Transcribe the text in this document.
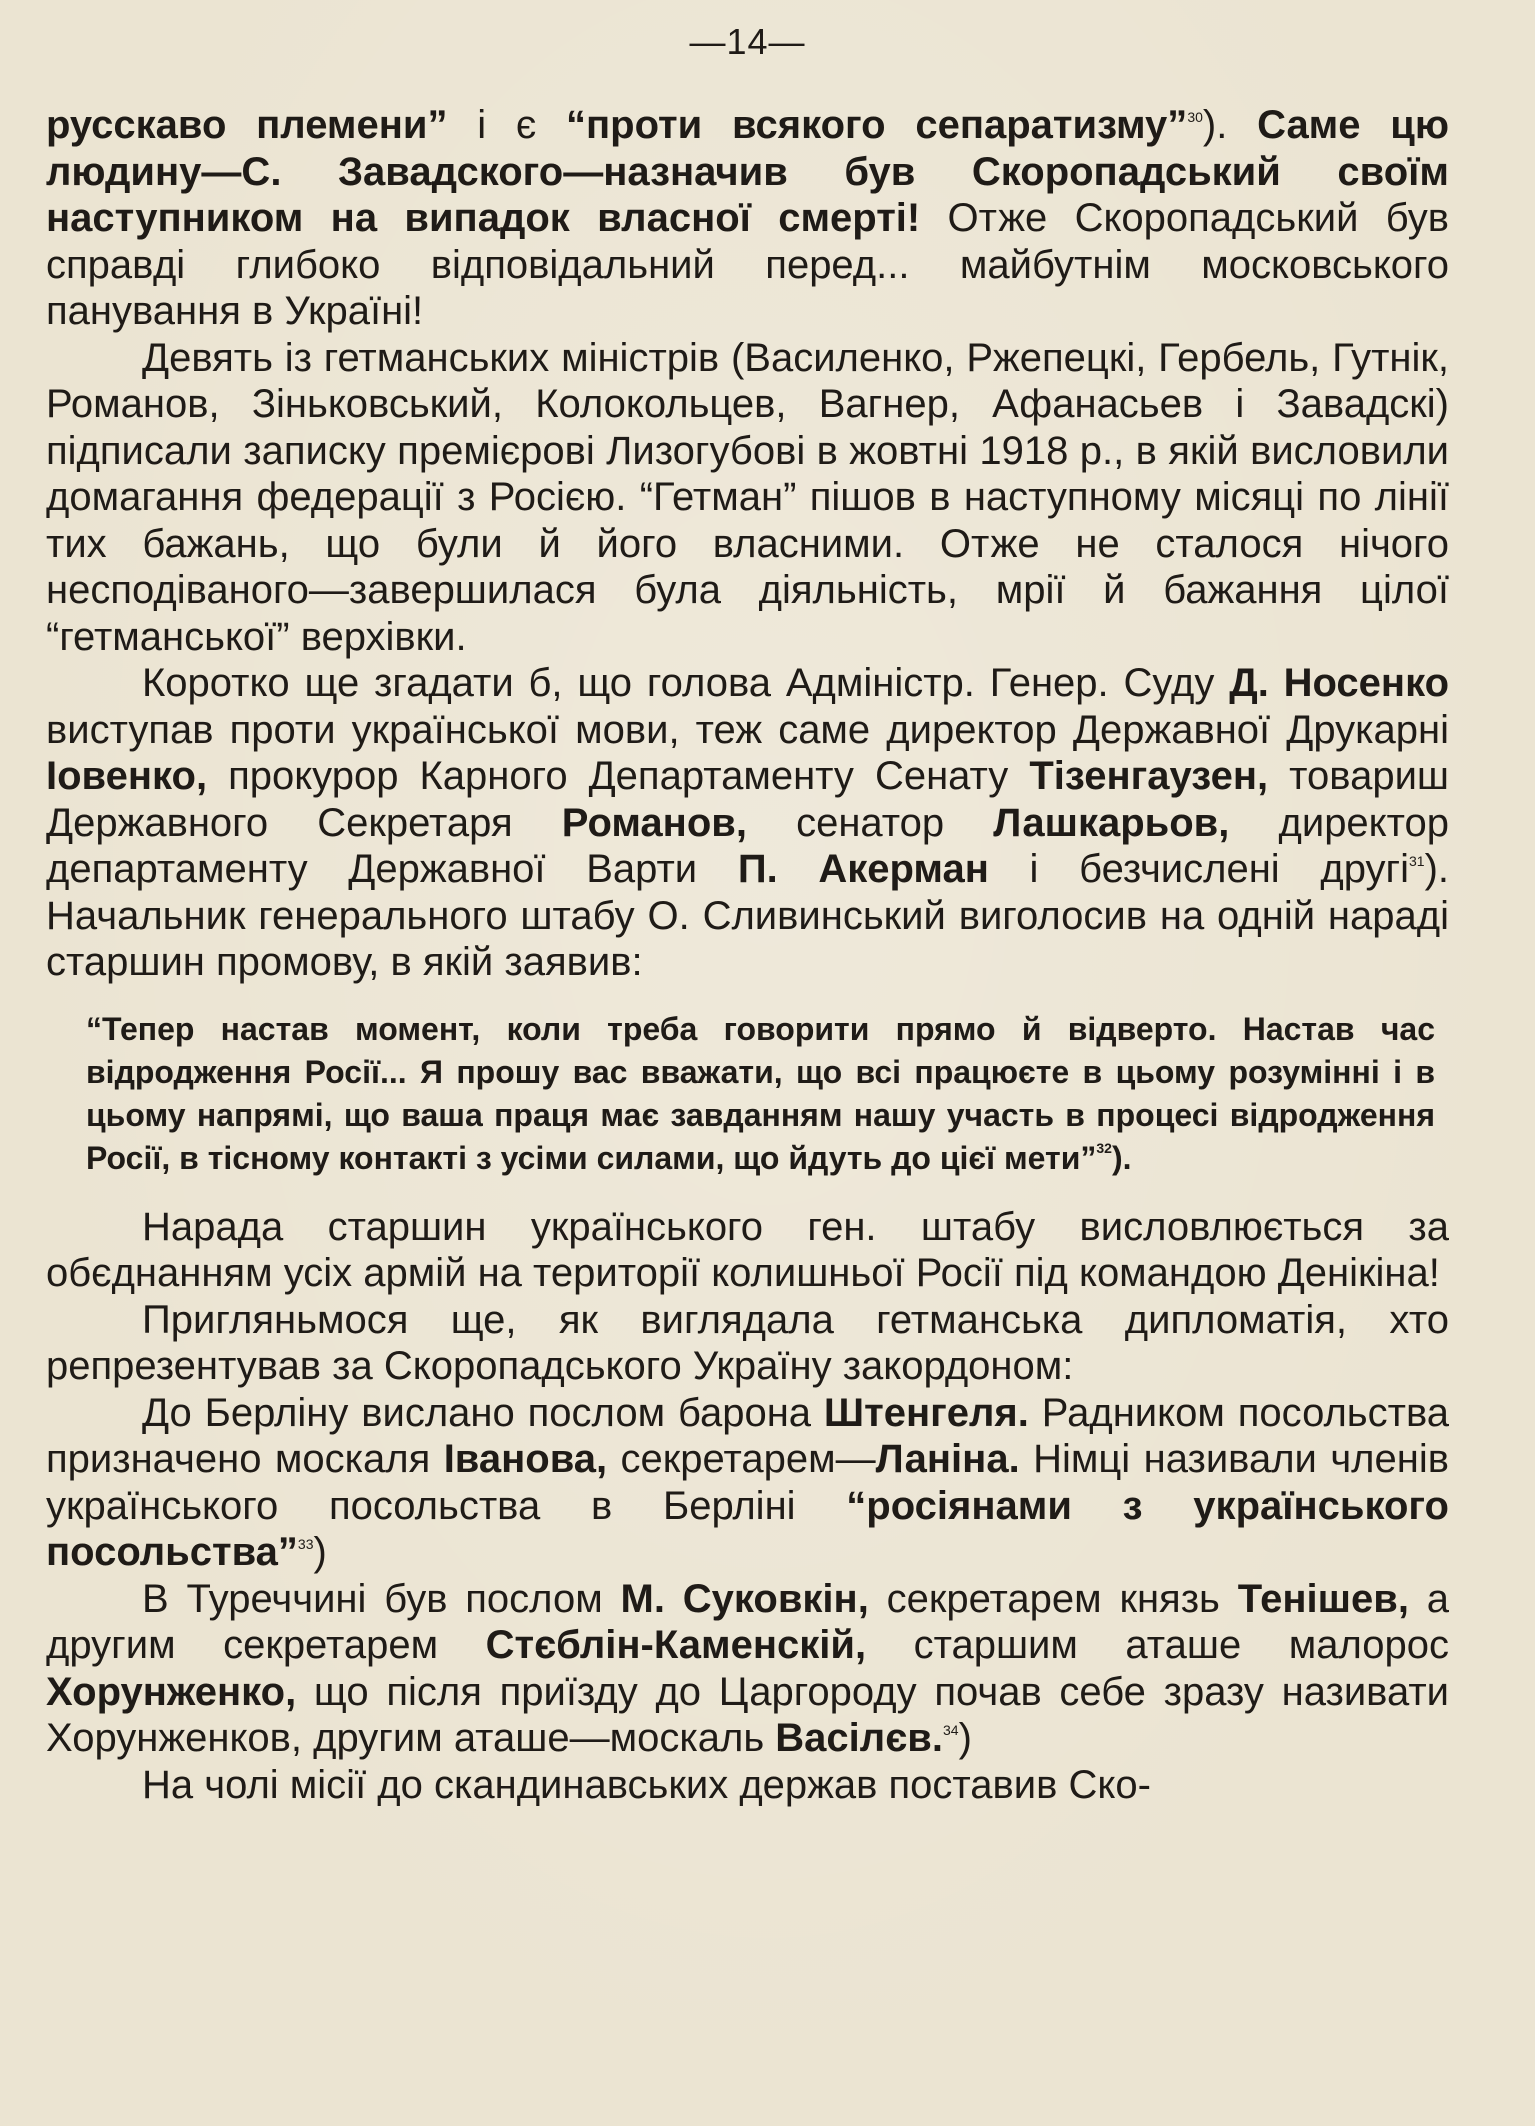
—14—

русскаво племени” і є “проти всякого сепаратизму”$^{30}$). Саме цю людину—С. Завадского—назначив був Скоропадський своїм наступником на випадок власної смерті! Отже Скоропадський був справді глибоко відповідальний перед... майбутнім московського панування в Україні!

Девять із гетманських міністрів (Василенко, Ржепецкі, Гербель, Гутнік, Романов, Зіньковський, Колокольцев, Вагнер, Афанасьев і Завадскі) підписали записку премієрові Лизогубові в жовтні 1918 р., в якій висловили домагання федерації з Росією. “Гетман” пішов в наступному місяці по лінії тих бажань, що були й його власними. Отже не сталося нічого несподіваного—завершилася була діяльність, мрії й бажання цілої “гетманської” верхівки.

Коротко ще згадати б, що голова Адміністр. Генер. Суду Д. Носенко виступав проти української мови, теж саме директор Державної Друкарні Іовенко, прокурор Карного Департаменту Сенату Тізенгаузен, товариш Державного Секретаря Романов, сенатор Лашкарьов, директор департаменту Державної Варти П. Акерман і безчислені другі$^{31}$). Начальник генерального штабу О. Сливинський виголосив на одній нараді старшин промову, в якій заявив:

“Тепер настав момент, коли треба говорити прямо й відверто. Настав час відродження Росії... Я прошу вас вважати, що всі працюєте в цьому розумінні і в цьому напрямі, що ваша праця має завданням нашу участь в процесі відродження Росії, в тісному контакті з усіми силами, що йдуть до цієї мети”$^{32}$).

Нарада старшин українського ген. штабу висловлюється за обєднанням усіх армій на території колишньої Росії під командою Денікіна!

Пригляньмося ще, як виглядала гетманська дипломатія, хто репрезентував за Скоропадського Україну закордоном:

До Берліну вислано послом барона Штенгеля. Радником посольства призначено москаля Іванова, секретарем—Ланіна. Німці називали членів українського посольства в Берліні “росіянами з українського посольства”$^{33}$)

В Туреччині був послом М. Суковкін, секретарем князь Тенішев, а другим секретарем Стєблін-Каменскій, старшим аташе малорос Хорунженко, що після приїзду до Царгороду почав себе зразу називати Хорунженков, другим аташе—москаль Васілєв.$^{34}$)

На чолі місії до скандинавських держав поставив Ско-
